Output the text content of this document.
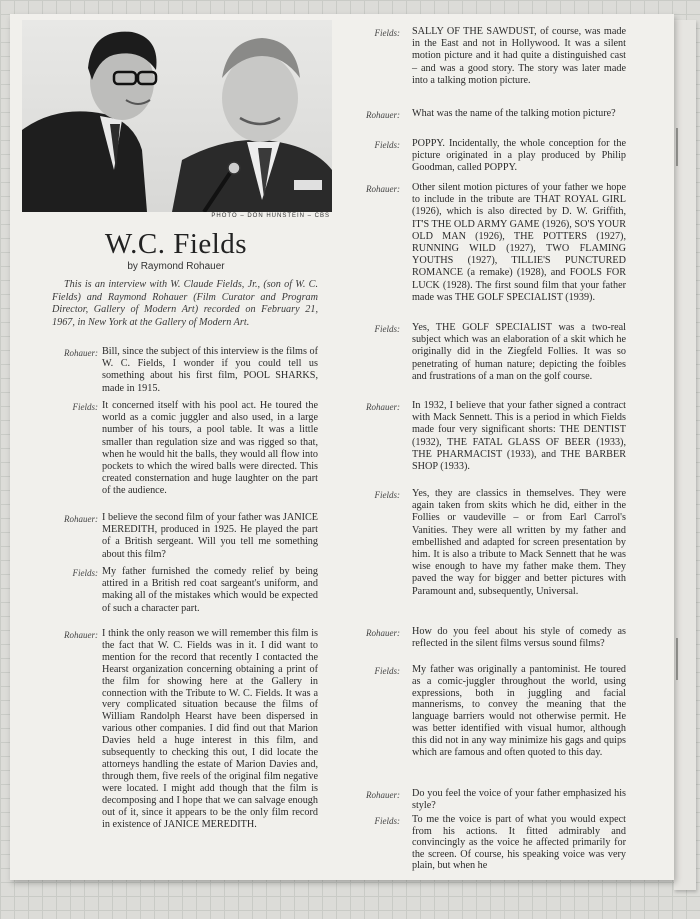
PHOTO – DON HUNSTEIN – CBS
W.C. Fields
by Raymond Rohauer
This is an interview with W. Claude Fields, Jr., (son of W. C. Fields) and Raymond Rohauer (Film Curator and Program Director, Gallery of Modern Art) recorded on February 21, 1967, in New York at the Gallery of Modern Art.
Rohauer: Bill, since the subject of this interview is the films of W. C. Fields, I wonder if you could tell us something about his first film, POOL SHARKS, made in 1915.
Fields: It concerned itself with his pool act. He toured the world as a comic juggler and also used, in a large number of his tours, a pool table. It was a little smaller than regulation size and was rigged so that, when he would hit the balls, they would all flow into pockets to which the wired balls were directed. This created consternation and huge laughter on the part of the audience.
Rohauer: I believe the second film of your father was JANICE MEREDITH, produced in 1925. He played the part of a British sergeant. Will you tell me something about this film?
Fields: My father furnished the comedy relief by being attired in a British red coat sargeant's uniform, and making all of the mistakes which would be expected of such a character part.
Rohauer: I think the only reason we will remember this film is the fact that W. C. Fields was in it. I did want to mention for the record that recently I contacted the Hearst organization concerning obtaining a print of the film for showing here at the Gallery in connection with the Tribute to W. C. Fields. It was a very complicated situation because the films of William Randolph Hearst have been dispersed in various other companies. I did find out that Marion Davies held a huge interest in this film, and subsequently to checking this out, I did locate the attorneys handling the estate of Marion Davies and, through them, five reels of the original film negative were located. I might add though that the film is decomposing and I hope that we can salvage enough out of it, since it appears to be the only film record in existence of JANICE MEREDITH.
Fields: SALLY OF THE SAWDUST, of course, was made in the East and not in Hollywood. It was a silent motion picture and it had quite a distinguished cast – and was a good story. The story was later made into a talking motion picture.
Rohauer: What was the name of the talking motion picture?
Fields: POPPY. Incidentally, the whole conception for the picture originated in a play produced by Philip Goodman, called POPPY.
Rohauer: Other silent motion pictures of your father we hope to include in the tribute are THAT ROYAL GIRL (1926), which is also directed by D. W. Griffith, IT'S THE OLD ARMY GAME (1926), SO'S YOUR OLD MAN (1926), THE POTTERS (1927), RUNNING WILD (1927), TWO FLAMING YOUTHS (1927), TILLIE'S PUNCTURED ROMANCE (a remake) (1928), and FOOLS FOR LUCK (1928). The first sound film that your father made was THE GOLF SPECIALIST (1939).
Fields: Yes, THE GOLF SPECIALIST was a two-real subject which was an elaboration of a skit which he originally did in the Ziegfeld Follies. It was so penetrating of human nature; depicting the foibles and frustrations of a man on the golf course.
Rohauer: In 1932, I believe that your father signed a contract with Mack Sennett. This is a period in which Fields made four very significant shorts: THE DENTIST (1932), THE FATAL GLASS OF BEER (1933), THE PHARMACIST (1933), and THE BARBER SHOP (1933).
Fields: Yes, they are classics in themselves. They were again taken from skits which he did, either in the Follies or vaudeville – or from Earl Carrol's Vanities. They were all written by my father and embellished and adapted for screen presentation by him. It is also a tribute to Mack Sennett that he was wise enough to have my father make them. They paved the way for bigger and better pictures with Paramount and, subsequently, Universal.
Rohauer: How do you feel about his style of comedy as reflected in the silent films versus sound films?
Fields: My father was originally a pantominist. He toured as a comic-juggler throughout the world, using expressions, both in juggling and facial mannerisms, to convey the meaning that the language barriers would not otherwise permit. He was better identified with visual humor, although this did not in any way minimize his gags and quips which are famous and often quoted to this day.
Rohauer: Do you feel the voice of your father emphasized his style?
Fields: To me the voice is part of what you would expect from his actions. It fitted admirably and convincingly as the voice he affected primarily for the screen. Of course, his speaking voice was very plain, but when he
